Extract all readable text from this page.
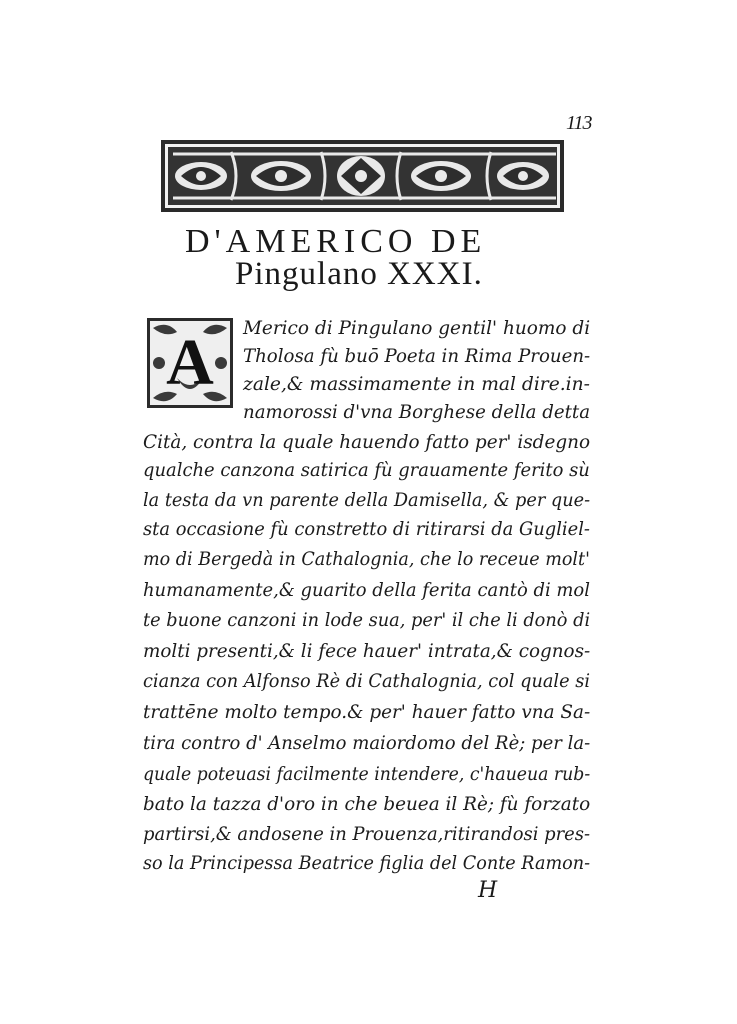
113
D'AMERICO DE
Pingulano XXXI.
A	Merico di Pingulano gentil' huomo di
Tholosa fù buō Poeta in Rima Prouen-
zale,& massimamente in mal dire.in-
namorossi d'vna Borghese della detta
Cità, contra la quale hauendo fatto per' isdegno
qualche canzona satirica fù grauamente ferito sù
la testa da vn parente della Damisella, & per que-
sta occasione fù constretto di ritirarsi da Gugliel-
mo di Bergedà in Cathalognia, che lo receue molt'
humanamente,& guarito della ferita cantò di mol
te buone canzoni in lode sua, per' il che li donò di
molti presenti,& li fece hauer' intrata,& cognos-
cianza con Alfonso Rè di Cathalognia, col quale si
trattēne molto tempo.& per' hauer fatto vna Sa-
tira contro d' Anselmo maiordomo del Rè; per la-
quale poteuasi facilmente intendere, c'haueua rub-
bato la tazza d'oro in che beuea il Rè; fù forzato
partirsi,& andosene in Prouenza,ritirandosi pres-
so la Principessa Beatrice figlia del Conte Ramon-
H
